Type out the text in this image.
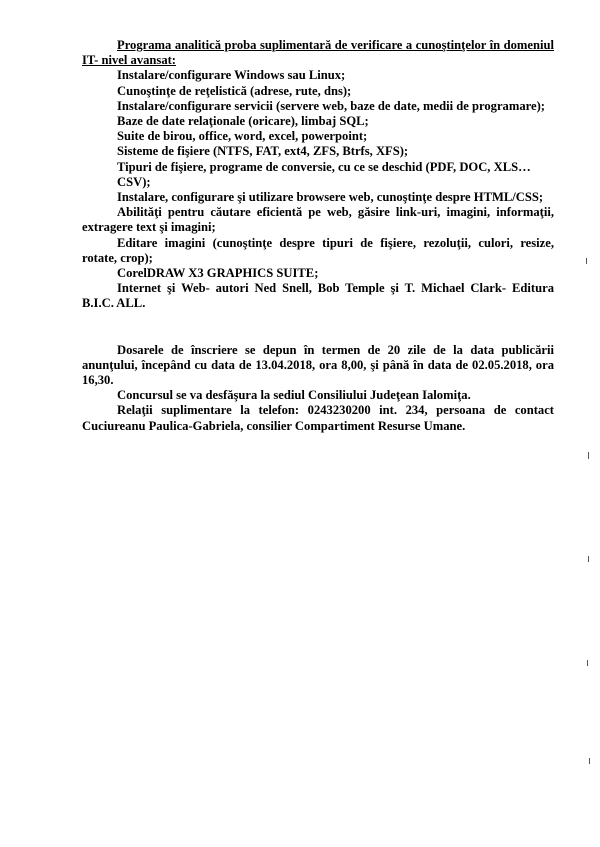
Programa analitică proba suplimentară de verificare a cunoştinţelor în domeniul
IT- nivel avansat:

Instalare/configurare Windows sau Linux;

Cunoştinţe de reţelistică (adrese, rute, dns);

Instalare/configurare servicii (servere web, baze de date, medii de programare);

Baze de date relaţionale (oricare), limbaj SQL;

Suite de birou, office, word, excel, powerpoint;

Sisteme de fişiere (NTFS, FAT, ext4, ZFS, Btrfs, XFS);

Tipuri de fişiere, programe de conversie, cu ce se deschid (PDF, DOC, XLS…CSV);

Instalare, configurare şi utilizare browsere web, cunoştinţe despre HTML/CSS;

Abilităţi pentru căutare eficientă pe web, găsire link-uri, imagini, informaţii, extragere text şi imagini;

Editare imagini (cunoştinţe despre tipuri de fişiere, rezoluţii, culori, resize, rotate, crop);

CorelDRAW X3 GRAPHICS SUITE;

Internet şi Web- autori Ned Snell, Bob Temple şi T. Michael Clark- Editura B.I.C. ALL.

Dosarele de înscriere se depun în termen de 20 zile de la data publicării anunţului, începând cu data de 13.04.2018, ora 8,00, şi până în data de 02.05.2018, ora 16,30.

Concursul se va desfăşura la sediul Consiliului Judeţean Ialomiţa.

Relaţii suplimentare la telefon: 0243230200 int. 234, persoana de contact Cuciureanu Paulica-Gabriela, consilier Compartiment Resurse Umane.
